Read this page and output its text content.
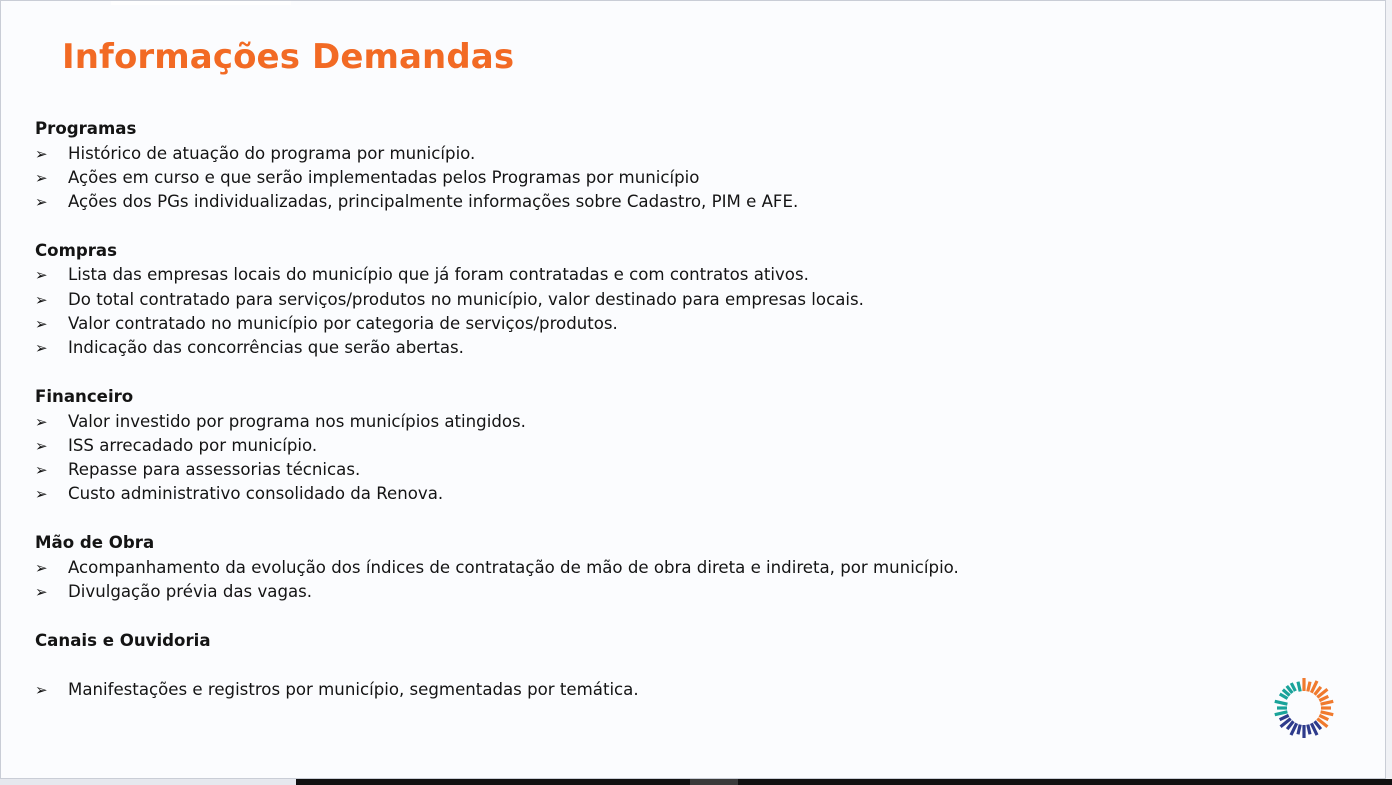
Informações Demandas
Programas
➢	Histórico de atuação do programa por município.
➢	Ações em curso e que serão implementadas pelos Programas por município
➢	Ações dos PGs individualizadas, principalmente informações sobre Cadastro, PIM e AFE.
Compras
➢	Lista das empresas locais do município que já foram contratadas e com contratos ativos.
➢	Do total contratado para serviços/produtos no município, valor destinado para empresas locais.
➢	Valor contratado no município por categoria de serviços/produtos.
➢	Indicação das concorrências que serão abertas.
Financeiro
➢	Valor investido por programa nos municípios atingidos.
➢	ISS arrecadado por município.
➢	Repasse para assessorias técnicas.
➢	Custo administrativo consolidado da Renova.
Mão de Obra
➢	Acompanhamento da evolução dos índices de contratação de mão de obra direta e indireta, por município.
➢	Divulgação prévia das vagas.
Canais e Ouvidoria
➢	Manifestações e registros por município, segmentadas por temática.
